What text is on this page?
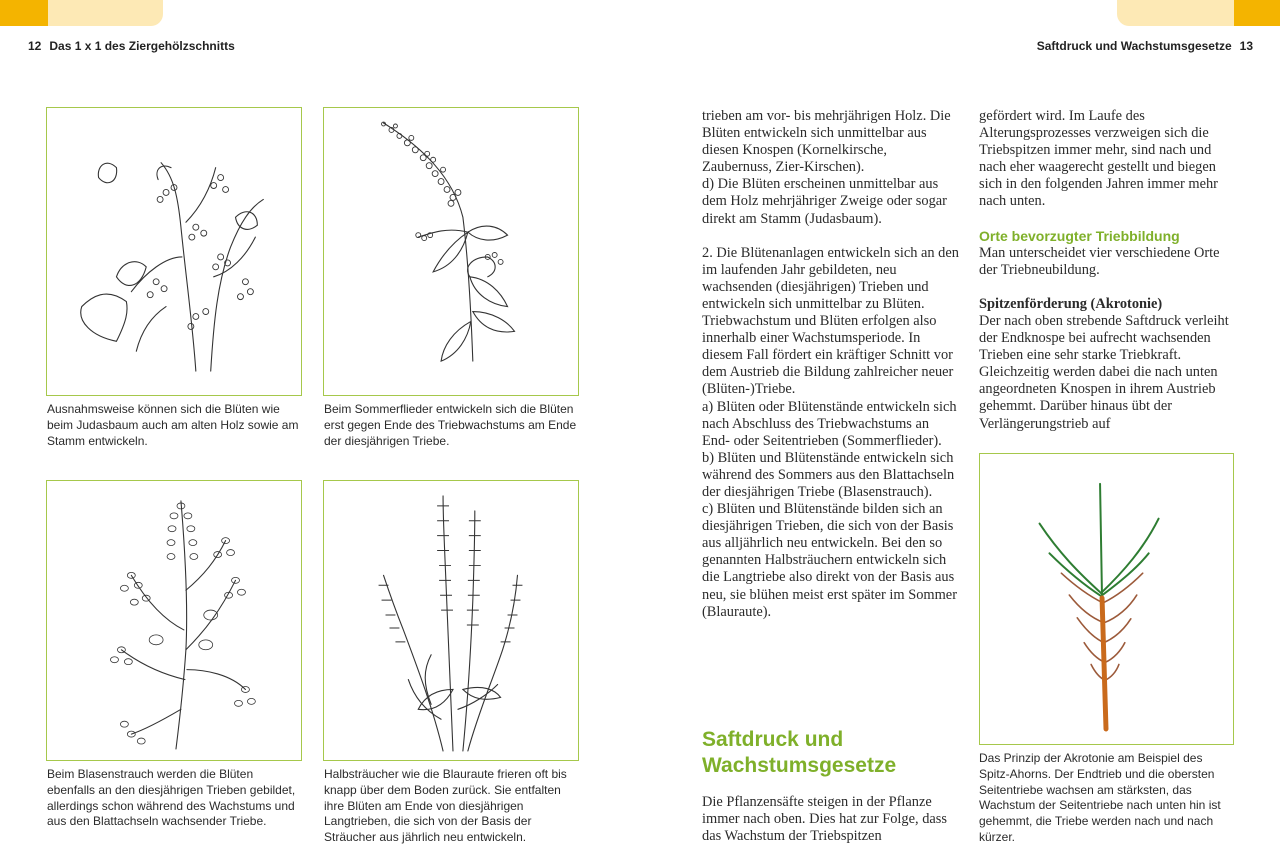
12 Das 1 x 1 des Ziergehölzschnitts	Saftdruck und Wachstumsgesetze 13
Ausnahmsweise können sich die Blüten wie beim Judasbaum auch am alten Holz sowie am Stamm entwickeln.
Beim Sommerflieder entwickeln sich die Blüten erst gegen Ende des Triebwachstums am Ende der diesjährigen Triebe.
Beim Blasenstrauch werden die Blüten ebenfalls an den diesjährigen Trieben gebildet, allerdings schon während des Wachstums und aus den Blattachseln wachsender Triebe.
Halbsträucher wie die Blauraute frieren oft bis knapp über dem Boden zurück. Sie entfalten ihre Blüten am Ende von diesjährigen Langtrieben, die sich von der Basis der Sträucher aus jährlich neu entwickeln.

trieben am vor- bis mehrjährigen Holz. Die Blüten entwickeln sich unmittelbar aus diesen Knospen (Kornelkirsche, Zaubernuss, Zier-Kirschen).

d) Die Blüten erscheinen unmittelbar aus dem Holz mehrjähriger Zweige oder sogar direkt am Stamm (Judasbaum).

2. Die Blütenanlagen entwickeln sich an den im laufenden Jahr gebildeten, neu wachsenden (diesjährigen) Trieben und entwickeln sich unmittelbar zu Blüten. Triebwachstum und Blüten erfolgen also innerhalb einer Wachstumsperiode. In diesem Fall fördert ein kräftiger Schnitt vor dem Austrieb die Bildung zahlreicher neuer (Blüten-)Triebe.

a) Blüten oder Blütenstände entwickeln sich nach Abschluss des Triebwachstums an End- oder Seitentrieben (Sommerflieder).

b) Blüten und Blütenstände entwickeln sich während des Sommers aus den Blattachseln der diesjährigen Triebe (Blasenstrauch).

c) Blüten und Blütenstände bilden sich an diesjährigen Trieben, die sich von der Basis aus alljährlich neu entwickeln. Bei den so genannten Halbsträuchern entwickeln sich die Langtriebe also direkt von der Basis aus neu, sie blühen meist erst später im Sommer (Blauraute).

Saftdruck und Wachstumsgesetze

Die Pflanzensäfte steigen in der Pflanze immer nach oben. Dies hat zur Folge, dass das Wachstum der Triebspitzen

gefördert wird. Im Laufe des Alterungsprozesses verzweigen sich die Triebspitzen immer mehr, sind nach und nach eher waagerecht gestellt und biegen sich in den folgenden Jahren immer mehr nach unten.

Orte bevorzugter Triebbildung

Man unterscheidet vier verschiedene Orte der Triebneubildung.

Spitzenförderung (Akrotonie)

Der nach oben strebende Saftdruck verleiht der Endknospe bei aufrecht wachsenden Trieben eine sehr starke Triebkraft. Gleichzeitig werden dabei die nach unten angeordneten Knospen in ihrem Austrieb gehemmt. Darüber hinaus übt der Verlängerungstrieb auf

Das Prinzip der Akrotonie am Beispiel des Spitz-Ahorns. Der Endtrieb und die obersten Seitentriebe wachsen am stärksten, das Wachstum der Seitentriebe nach unten hin ist gehemmt, die Triebe werden nach und nach kürzer.
